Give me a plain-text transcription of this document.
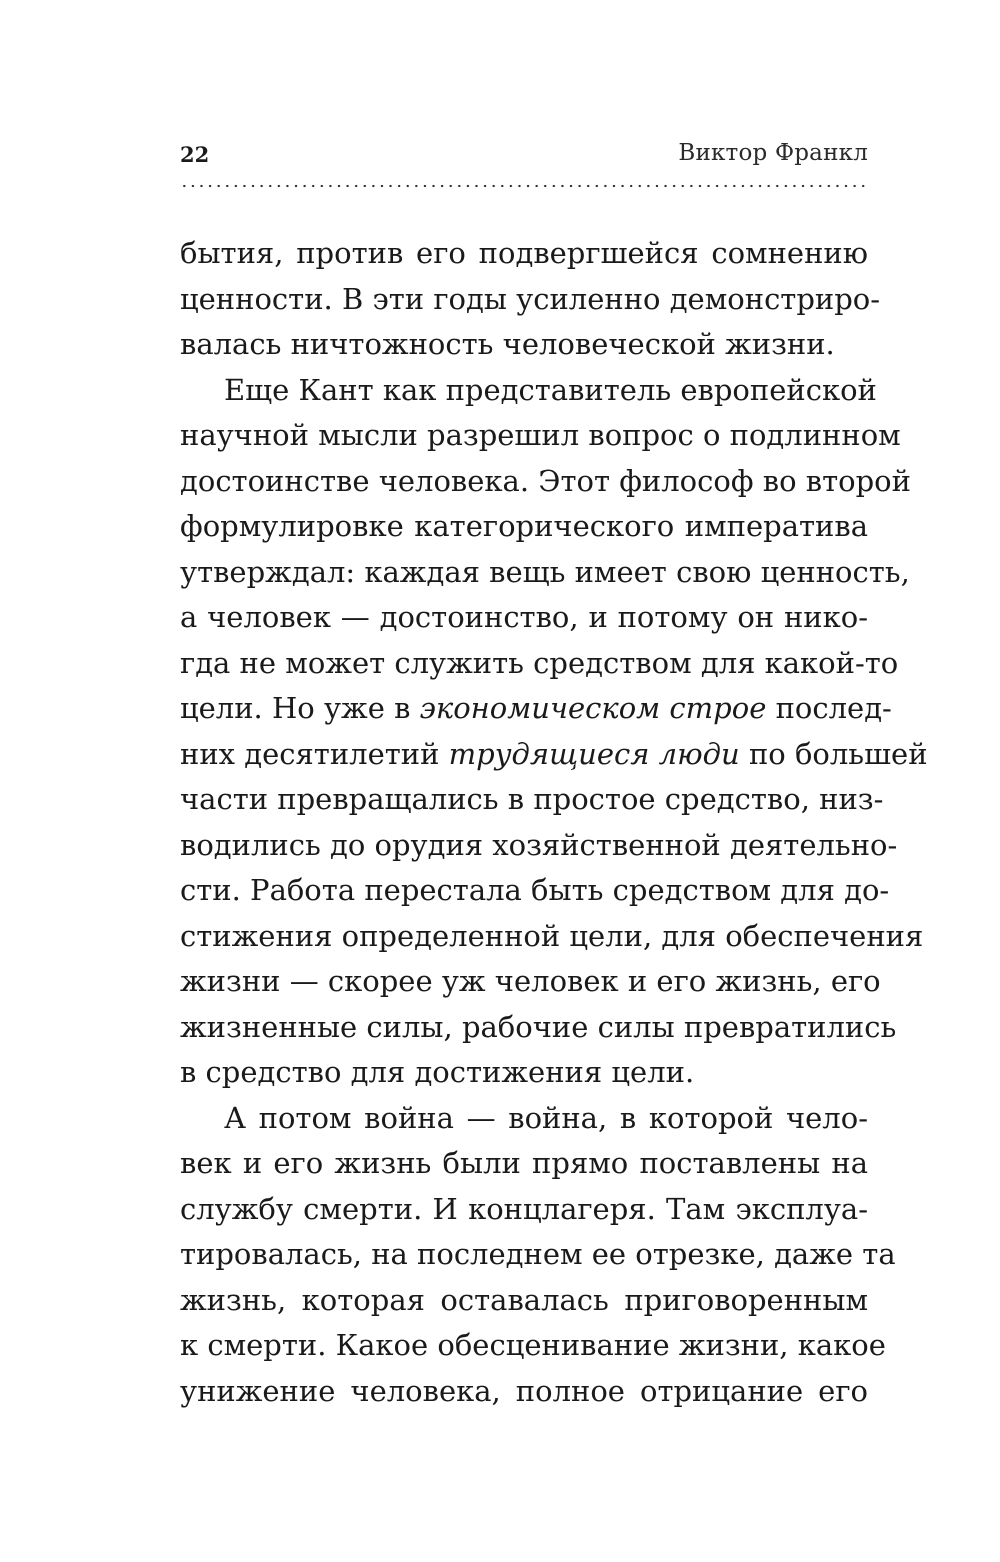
22	Виктор Франкл
бытия, против его подвергшейся сомнению
ценности. В эти годы усиленно демонстриро-
валась ничтожность человеческой жизни.
Еще Кант как представитель европейской
научной мысли разрешил вопрос о подлинном
достоинстве человека. Этот философ во второй
формулировке категорического императива
утверждал: каждая вещь имеет свою ценность,
а человек — достоинство, и потому он нико-
гда не может служить средством для какой-то
цели. Но уже в экономическом строе послед-
них десятилетий трудящиеся люди по большей
части превращались в простое средство, низ-
водились до орудия хозяйственной деятельно-
сти. Работа перестала быть средством для до-
стижения определенной цели, для обеспечения
жизни — скорее уж человек и его жизнь, его
жизненные силы, рабочие силы превратились
в средство для достижения цели.
А потом война — война, в которой чело-
век и его жизнь были прямо поставлены на
службу смерти. И концлагеря. Там эксплуа-
тировалась, на последнем ее отрезке, даже та
жизнь, которая оставалась приговоренным
к смерти. Какое обесценивание жизни, какое
унижение человека, полное отрицание его
